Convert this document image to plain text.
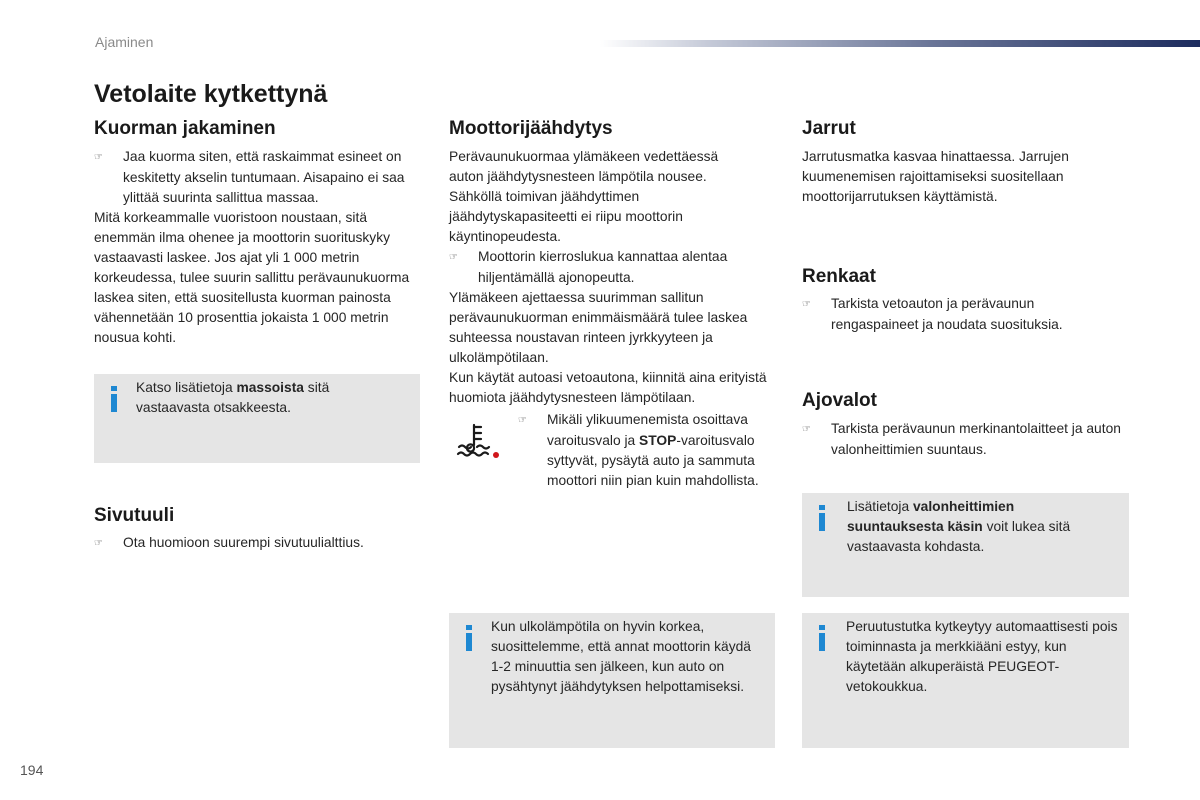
Ajaminen
Vetolaite kytkettynä
Kuorman jakaminen
☞ Jaa kuorma siten, että raskaimmat esineet on keskitetty akselin tuntumaan. Aisapaino ei saa ylittää suurinta sallittua massaa.
Mitä korkeammalle vuoristoon noustaan, sitä enemmän ilma ohenee ja moottorin suorituskyky vastaavasti laskee. Jos ajat yli 1 000 metrin korkeudessa, tulee suurin sallittu perävaunukuorma laskea siten, että suositellusta kuorman painosta vähennetään 10 prosenttia jokaista 1 000 metrin nousua kohti.

Katso lisätietoja massoista sitä vastaavasta otsakkeesta.

Sivutuuli
☞ Ota huomioon suurempi sivutuulialttius.
Moottorijäähdytys
Perävaunukuormaa ylämäkeen vedettäessä auton jäähdytysnesteen lämpötila nousee. Sähköllä toimivan jäähdyttimen jäähdytyskapasiteetti ei riipu moottorin käyntinopeudesta.
☞ Moottorin kierroslukua kannattaa alentaa hiljentämällä ajonopeutta.
Ylämäkeen ajettaessa suurimman sallitun perävaunukuorman enimmäismäärä tulee laskea suhteessa noustavan rinteen jyrkkyyteen ja ulkolämpötilaan.
Kun käytät autoasi vetoautona, kiinnitä aina erityistä huomiota jäähdytysnesteen lämpötilaan.
☞ Mikäli ylikuumenemista osoittava varoitusvalo ja STOP-varoitusvalo syttyvät, pysäytä auto ja sammuta moottori niin pian kuin mahdollista.

Kun ulkolämpötila on hyvin korkea, suosittelemme, että annat moottorin käydä 1-2 minuuttia sen jälkeen, kun auto on pysähtynyt jäähdytyksen helpottamiseksi.

Jarrut
Jarrutusmatka kasvaa hinattaessa. Jarrujen kuumenemisen rajoittamiseksi suositellaan moottorijarrutuksen käyttämistä.
Renkaat
☞ Tarkista vetoauton ja perävaunun rengaspaineet ja noudata suosituksia.
Ajovalot
☞ Tarkista perävaunun merkinantolaitteet ja auton valonheittimien suuntaus.

Lisätietoja valonheittimien suuntauksesta käsin voit lukea sitä vastaavasta kohdasta.

Peruutustutka kytkeytyy automaattisesti pois toiminnasta ja merkkiääni estyy, kun käytetään alkuperäistä PEUGEOT-vetokoukkua.

194
